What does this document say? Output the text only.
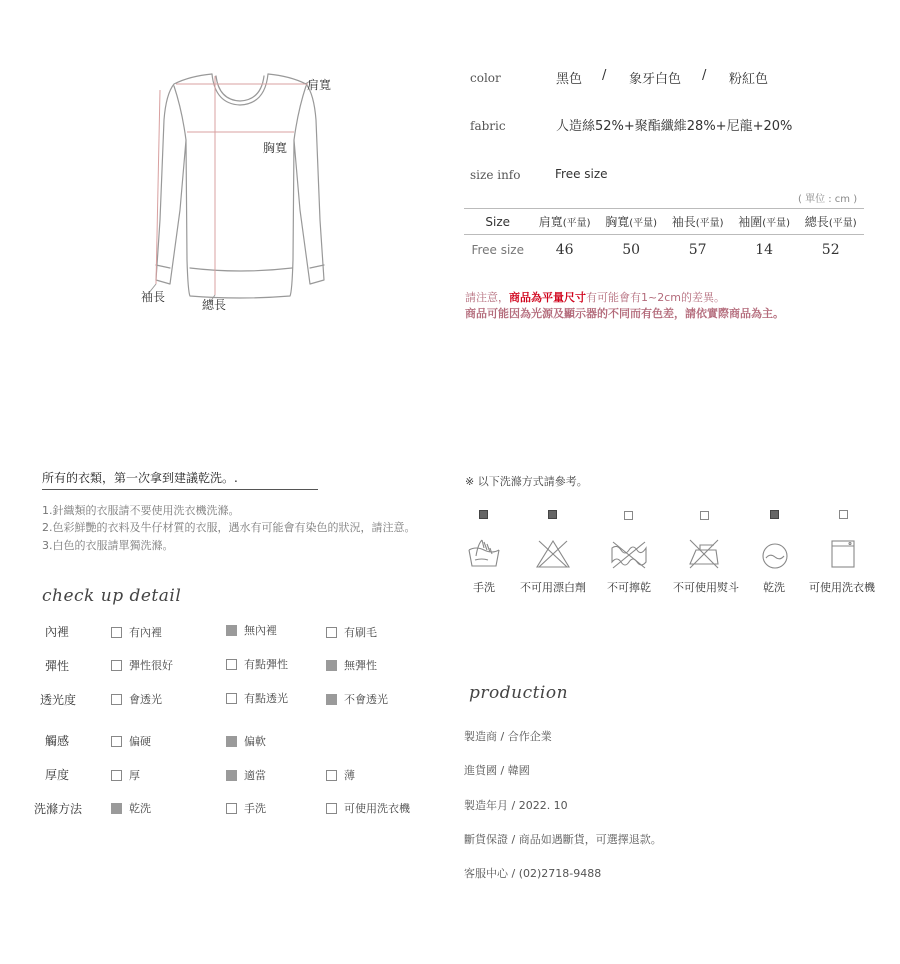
肩寬
胸寬
袖長
總長
color	黑色 / 象牙白色 / 粉紅色
fabric	人造絲52%+聚酯纖維28%+尼龍+20%
size info	Free size
( 單位 : cm )
Size	肩寬(平量)	胸寬(平量)	袖長(平量)	袖圍(平量)	總長(平量)
Free size	46	50	57	14	52
請注意，商品為平量尺寸有可能會有1~2cm的差異。
商品可能因為光源及顯示器的不同而有色差，請依實際商品為主。
所有的衣類，第一次拿到建議乾洗。.
1.針織類的衣服請不要使用洗衣機洗滌。
2.色彩鮮艷的衣料及牛仔材質的衣服，遇水有可能會有染色的狀況，請注意。
3.白色的衣服請單獨洗滌。
check up detail
內裡	有內裡	無內裡	有刷毛
彈性	彈性很好	有點彈性	無彈性
透光度	會透光	有點透光	不會透光
觸感	偏硬	偏軟
厚度	厚	適當	薄
洗滌方法	乾洗	手洗	可使用洗衣機
※ 以下洗滌方式請參考。
手洗	不可用漂白劑	不可擰乾	不可使用熨斗	乾洗	可使用洗衣機
production
製造商 / 合作企業
進貨國 / 韓國
製造年月 / 2022. 10
斷貨保證 / 商品如遇斷貨，可選擇退款。
客服中心 / (02)2718-9488
